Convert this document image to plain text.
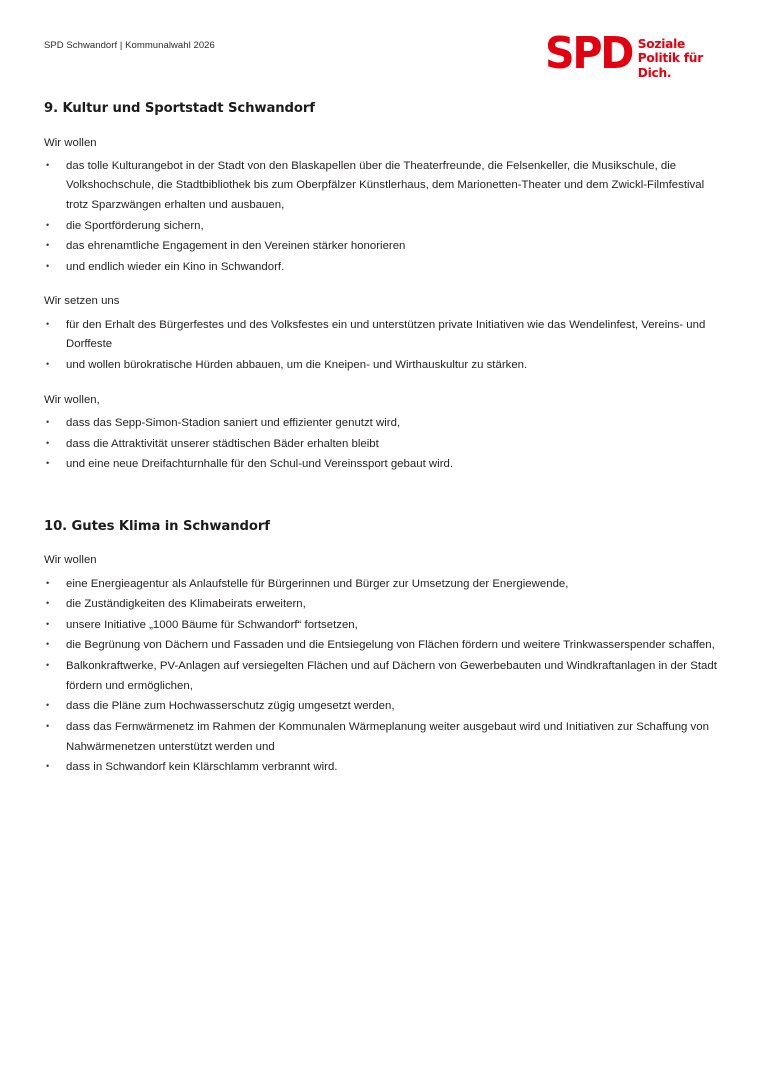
SPD Schwandorf | Kommunalwahl 2026	SPD Soziale
Politik für
Dich.
9. Kultur und Sportstadt Schwandorf

Wir wollen

• das tolle Kulturangebot in der Stadt von den Blaskapellen über die Theaterfreunde, die Felsenkeller, die Musikschule, die Volkshochschule, die Stadtbibliothek bis zum Oberpfälzer Künstlerhaus, dem Marionetten-Theater und dem Zwickl-Filmfestival trotz Sparzwängen erhalten und ausbauen,
• die Sportförderung sichern,
• das ehrenamtliche Engagement in den Vereinen stärker honorieren
• und endlich wieder ein Kino in Schwandorf.

Wir setzen uns

• für den Erhalt des Bürgerfestes und des Volksfestes ein und unterstützen private Initiativen wie das Wendelinfest, Vereins- und Dorffeste
• und wollen bürokratische Hürden abbauen, um die Kneipen- und Wirthauskultur zu stärken.

Wir wollen,

• dass das Sepp-Simon-Stadion saniert und effizienter genutzt wird,
• dass die Attraktivität unserer städtischen Bäder erhalten bleibt
• und eine neue Dreifachturnhalle für den Schul-und Vereinssport gebaut wird.
10. Gutes Klima in Schwandorf

Wir wollen

• eine Energieagentur als Anlaufstelle für Bürgerinnen und Bürger zur Umsetzung der Energiewende,
• die Zuständigkeiten des Klimabeirats erweitern,
• unsere Initiative „1000 Bäume für Schwandorf“ fortsetzen,
• die Begrünung von Dächern und Fassaden und die Entsiegelung von Flächen fördern und weitere Trinkwasserspender schaffen,
• Balkonkraftwerke, PV-Anlagen auf versiegelten Flächen und auf Dächern von Gewerbebauten und Windkraftanlagen in der Stadt fördern und ermöglichen,
• dass die Pläne zum Hochwasserschutz zügig umgesetzt werden,
• dass das Fernwärmenetz im Rahmen der Kommunalen Wärmeplanung weiter ausgebaut wird und Initiativen zur Schaffung von Nahwärmenetzen unterstützt werden und
• dass in Schwandorf kein Klärschlamm verbrannt wird.
